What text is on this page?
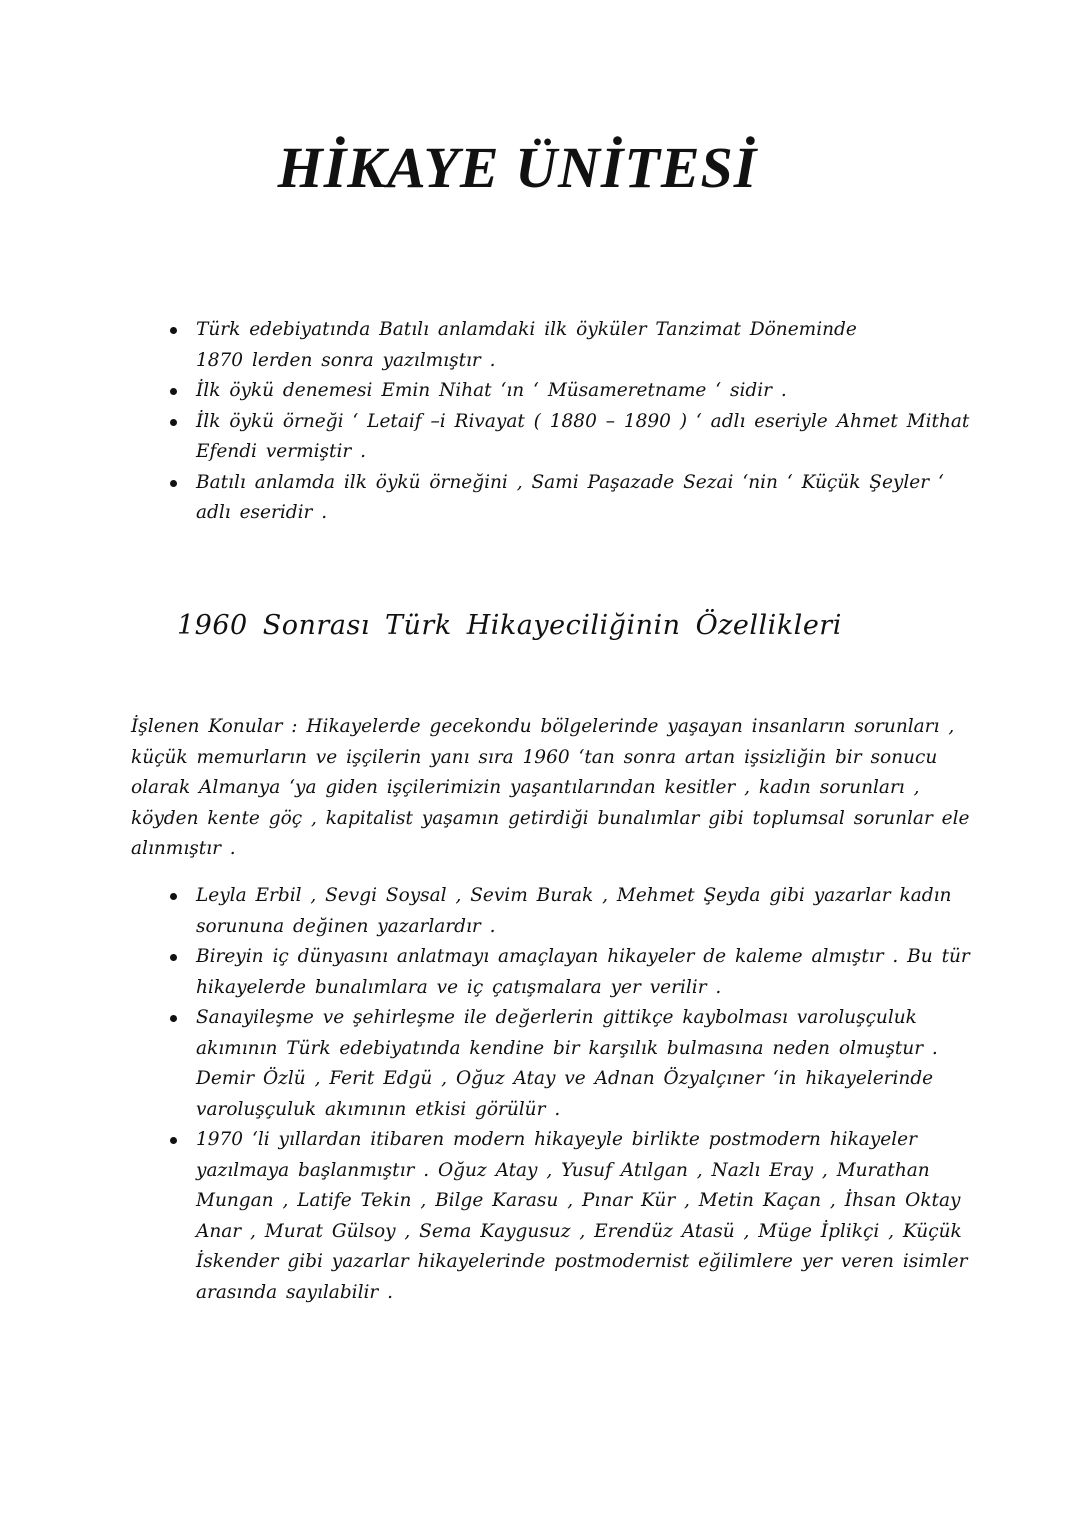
HİKAYE ÜNİTESİ
Türk edebiyatında Batılı anlamdaki ilk öyküler Tanzimat Döneminde
1870 lerden sonra yazılmıştır .
İlk öykü denemesi Emin Nihat ‘ın ‘ Müsameretname ‘ sidir .
İlk öykü örneği ‘ Letaif –i Rivayat ( 1880 – 1890 ) ‘ adlı eseriyle Ahmet Mithat
Efendi vermiştir .
Batılı anlamda ilk öykü örneğini , Sami Paşazade Sezai ‘nin ‘ Küçük Şeyler ‘
adlı eseridir .
1960 Sonrası Türk Hikayeciliğinin Özellikleri

İşlenen Konular : Hikayelerde gecekondu bölgelerinde yaşayan insanların sorunları ,
küçük memurların ve işçilerin yanı sıra 1960 ‘tan sonra artan işsizliğin bir sonucu
olarak Almanya ‘ya giden işçilerimizin yaşantılarından kesitler , kadın sorunları ,
köyden kente göç , kapitalist yaşamın getirdiği bunalımlar gibi toplumsal sorunlar ele
alınmıştır .

Leyla Erbil , Sevgi Soysal , Sevim Burak , Mehmet Şeyda gibi yazarlar kadın
sorununa değinen yazarlardır .
Bireyin iç dünyasını anlatmayı amaçlayan hikayeler de kaleme almıştır . Bu tür
hikayelerde bunalımlara ve iç çatışmalara yer verilir .
Sanayileşme ve şehirleşme ile değerlerin gittikçe kaybolması varoluşçuluk
akımının Türk edebiyatında kendine bir karşılık bulmasına neden olmuştur .
Demir Özlü , Ferit Edgü , Oğuz Atay ve Adnan Özyalçıner ‘in hikayelerinde
varoluşçuluk akımının etkisi görülür .
1970 ‘li yıllardan itibaren modern hikayeyle birlikte postmodern hikayeler
yazılmaya başlanmıştır . Oğuz Atay , Yusuf Atılgan , Nazlı Eray , Murathan
Mungan , Latife Tekin , Bilge Karasu , Pınar Kür , Metin Kaçan , İhsan Oktay
Anar , Murat Gülsoy , Sema Kaygusuz , Erendüz Atasü , Müge İplikçi , Küçük
İskender gibi yazarlar hikayelerinde postmodernist eğilimlere yer veren isimler
arasında sayılabilir .
